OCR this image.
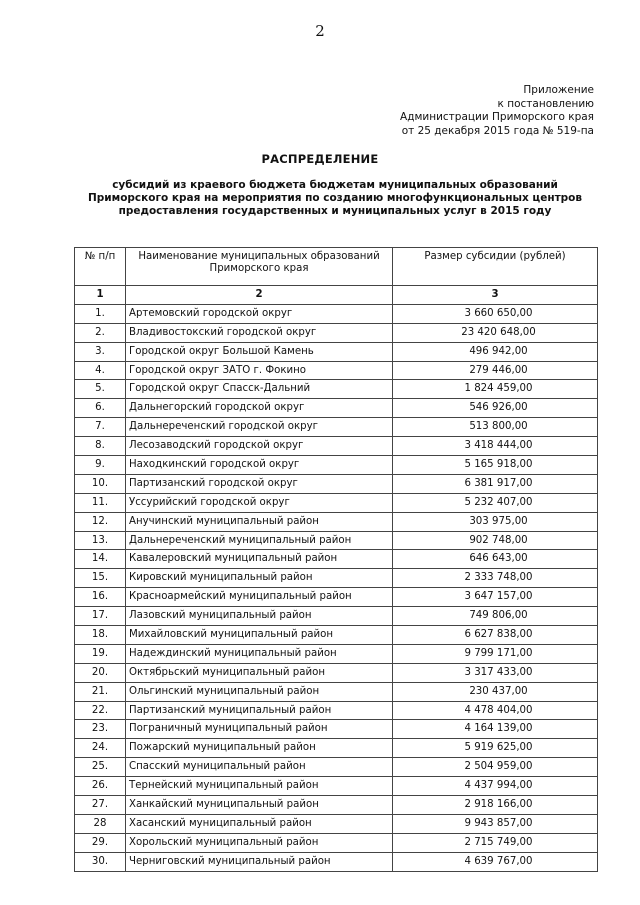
2
Приложение
к постановлению
Администрации Приморского края
от 25 декабря 2015 года № 519-па
РАСПРЕДЕЛЕНИЕ
субсидий из краевого бюджета бюджетам муниципальных образований
Приморского края на мероприятия по созданию многофункциональных центров
предоставления государственных и муниципальных услуг в 2015 году
№ п/п	Наименование муниципальных образований Приморского края	Размер субсидии (рублей)
1	2	3
1.	Артемовский городской округ	3 660 650,00
2.	Владивостокский городской округ	23 420 648,00
3.	Городской округ Большой Камень	496 942,00
4.	Городской округ ЗАТО г. Фокино	279 446,00
5.	Городской округ Спасск-Дальний	1 824 459,00
6.	Дальнегорский городской округ	546 926,00
7.	Дальнереченский городской округ	513 800,00
8.	Лесозаводский городской округ	3 418 444,00
9.	Находкинский городской округ	5 165 918,00
10.	Партизанский городской округ	6 381 917,00
11.	Уссурийский городской округ	5 232 407,00
12.	Анучинский муниципальный район	303 975,00
13.	Дальнереченский муниципальный район	902 748,00
14.	Кавалеровский муниципальный район	646 643,00
15.	Кировский муниципальный район	2 333 748,00
16.	Красноармейский муниципальный район	3 647 157,00
17.	Лазовский муниципальный район	749 806,00
18.	Михайловский муниципальный район	6 627 838,00
19.	Надеждинский муниципальный район	9 799 171,00
20.	Октябрьский муниципальный район	3 317 433,00
21.	Ольгинский муниципальный район	230 437,00
22.	Партизанский муниципальный район	4 478 404,00
23.	Пограничный муниципальный район	4 164 139,00
24.	Пожарский муниципальный район	5 919 625,00
25.	Спасский муниципальный район	2 504 959,00
26.	Тернейский муниципальный район	4 437 994,00
27.	Ханкайский муниципальный район	2 918 166,00
28	Хасанский муниципальный район	9 943 857,00
29.	Хорольский муниципальный район	2 715 749,00
30.	Черниговский муниципальный район	4 639 767,00
